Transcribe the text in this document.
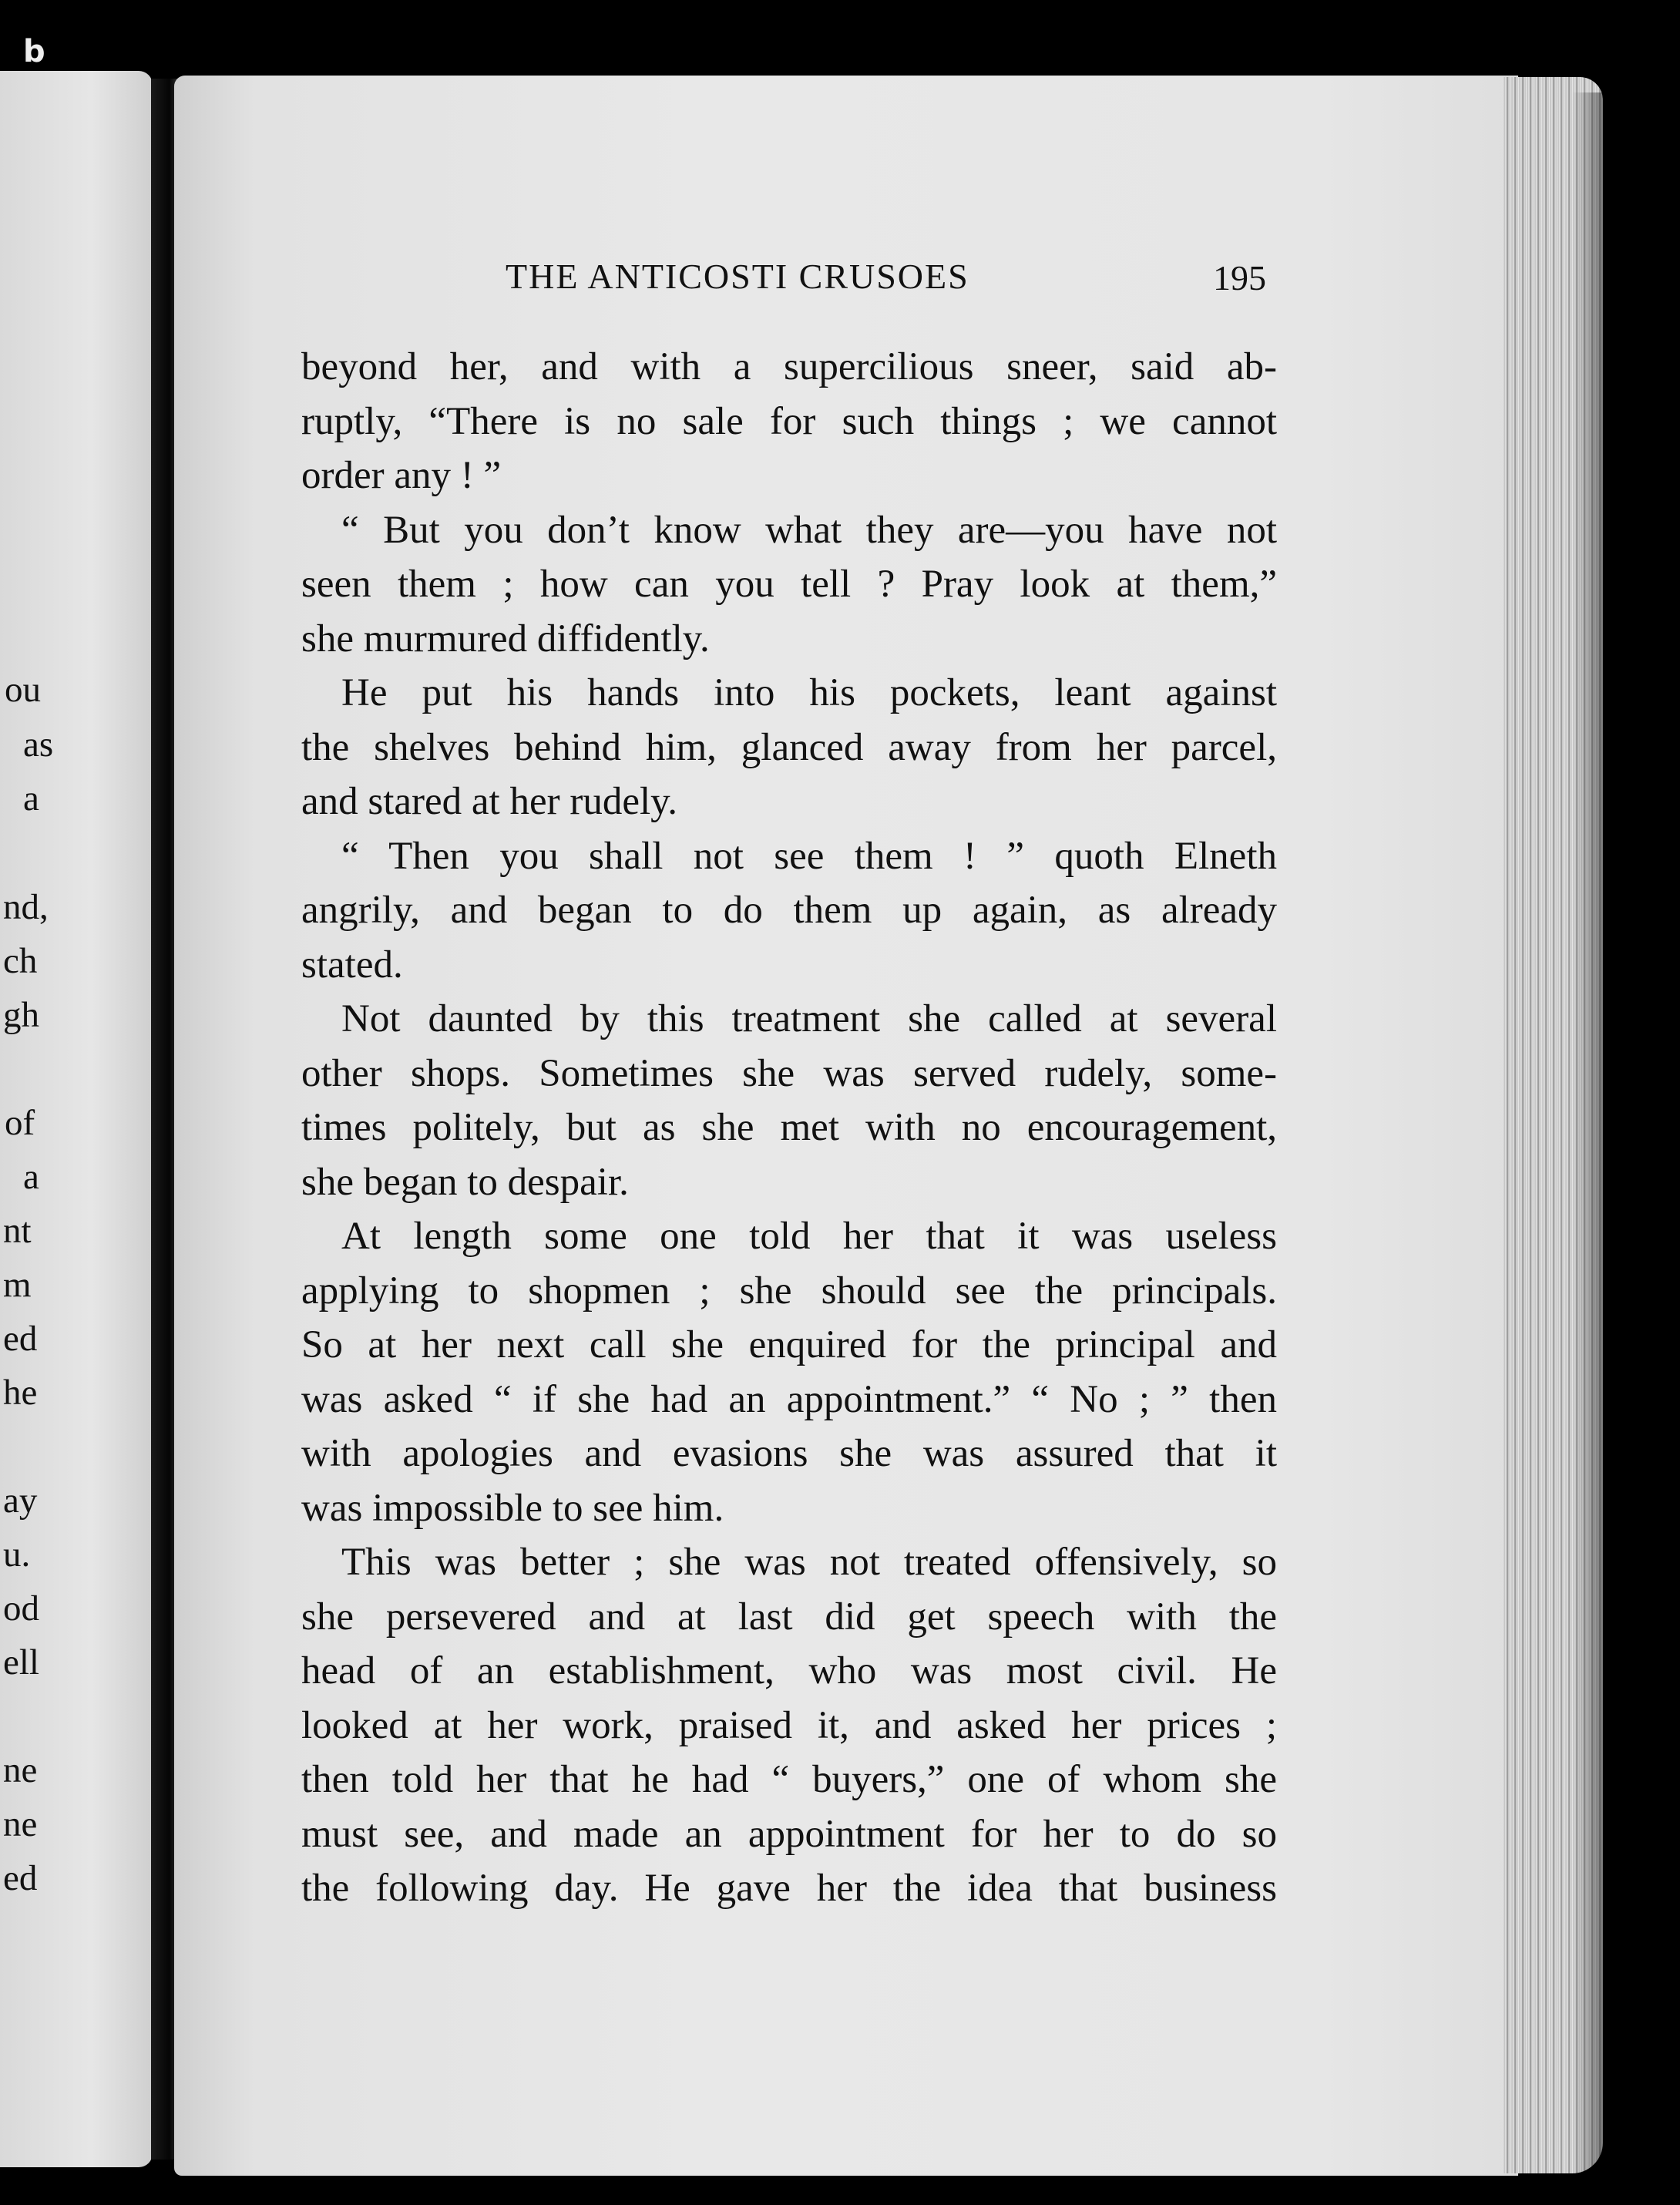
b
ou
as
a
nd,
ch
gh
of
a
nt
m
ed
he
ay
u.
od
ell
ne
ne
ed
THE ANTICOSTI CRUSOES	195
beyond her, and with a supercilious sneer, said ab-
ruptly, “There is no sale for such things ; we cannot
order any ! ”
“ But you don’t know what they are—you have not
seen them ; how can you tell ? Pray look at them,”
she murmured diffidently.
He put his hands into his pockets, leant against
the shelves behind him, glanced away from her parcel,
and stared at her rudely.
“ Then you shall not see them ! ” quoth Elneth
angrily, and began to do them up again, as already
stated.
Not daunted by this treatment she called at several
other shops. Sometimes she was served rudely, some-
times politely, but as she met with no encouragement,
she began to despair.
At length some one told her that it was useless
applying to shopmen ; she should see the principals.
So at her next call she enquired for the principal and
was asked “ if she had an appointment.” “ No ; ” then
with apologies and evasions she was assured that it
was impossible to see him.
This was better ; she was not treated offensively, so
she persevered and at last did get speech with the
head of an establishment, who was most civil. He
looked at her work, praised it, and asked her prices ;
then told her that he had “ buyers,” one of whom she
must see, and made an appointment for her to do so
the following day. He gave her the idea that business
